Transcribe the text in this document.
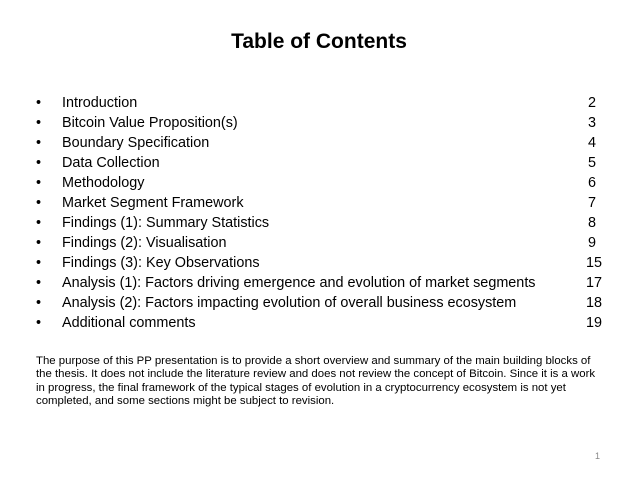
Table of Contents
•	Introduction	2
•	Bitcoin Value Proposition(s)	3
•	Boundary Specification	4
•	Data Collection	5
•	Methodology	6
•	Market Segment Framework	7
•	Findings (1): Summary Statistics	8
•	Findings (2): Visualisation	9
•	Findings (3): Key Observations	15
•	Analysis (1): Factors driving emergence and evolution of market segments	17
•	Analysis (2): Factors impacting evolution of overall business ecosystem	18
•	Additional comments	19

The purpose of this PP presentation is to provide a short overview and summary of the main building blocks of the thesis. It does not include the literature review and does not review the concept of Bitcoin. Since it is a work in progress, the final framework of the typical stages of evolution in a cryptocurrency ecosystem is not yet completed, and some sections might be subject to revision.

1
